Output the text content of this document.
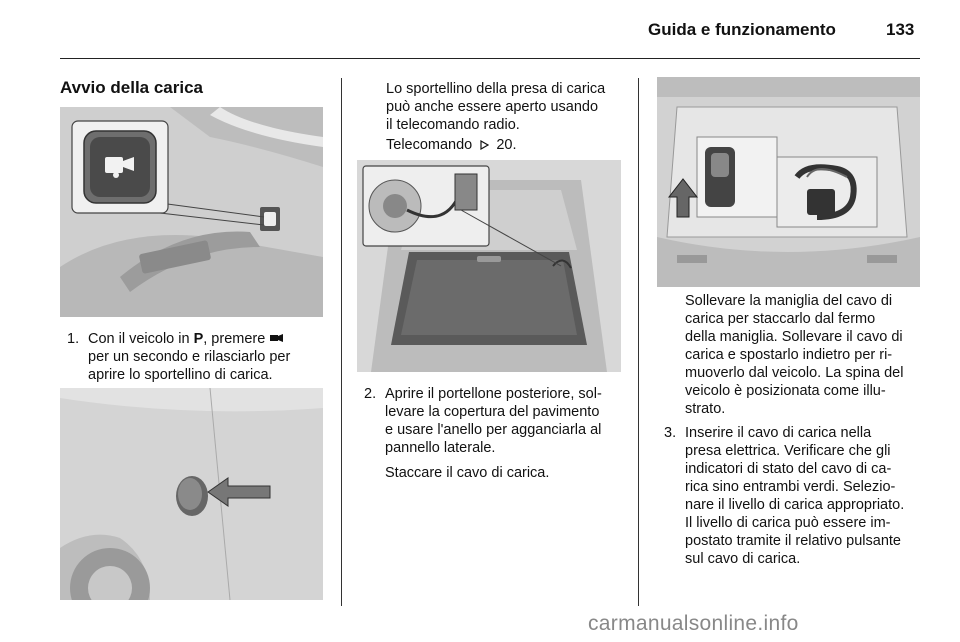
Guida e funzionamento	133
Avvio della carica
1. Con il veicolo in P, premere

per un secondo e rilasciarlo per

aprire lo sportellino di carica.

Lo sportellino della presa di carica

può anche essere aperto usando

il telecomando radio.

Telecomando 20.
2. Aprire il portellone posteriore, sol-

levare la copertura del pavimento

e usare l'anello per agganciarla al

pannello laterale.

Staccare il cavo di carica.

Sollevare la maniglia del cavo di

carica per staccarlo dal fermo

della maniglia. Sollevare il cavo di

carica e spostarlo indietro per ri-

muoverlo dal veicolo. La spina del

veicolo è posizionata come illu-

strato.

3. Inserire il cavo di carica nella

presa elettrica. Verificare che gli

indicatori di stato del cavo di ca-

rica sino entrambi verdi. Selezio-

nare il livello di carica appropriato.

Il livello di carica può essere im-

postato tramite il relativo pulsante

sul cavo di carica.

carmanualsonline.info
